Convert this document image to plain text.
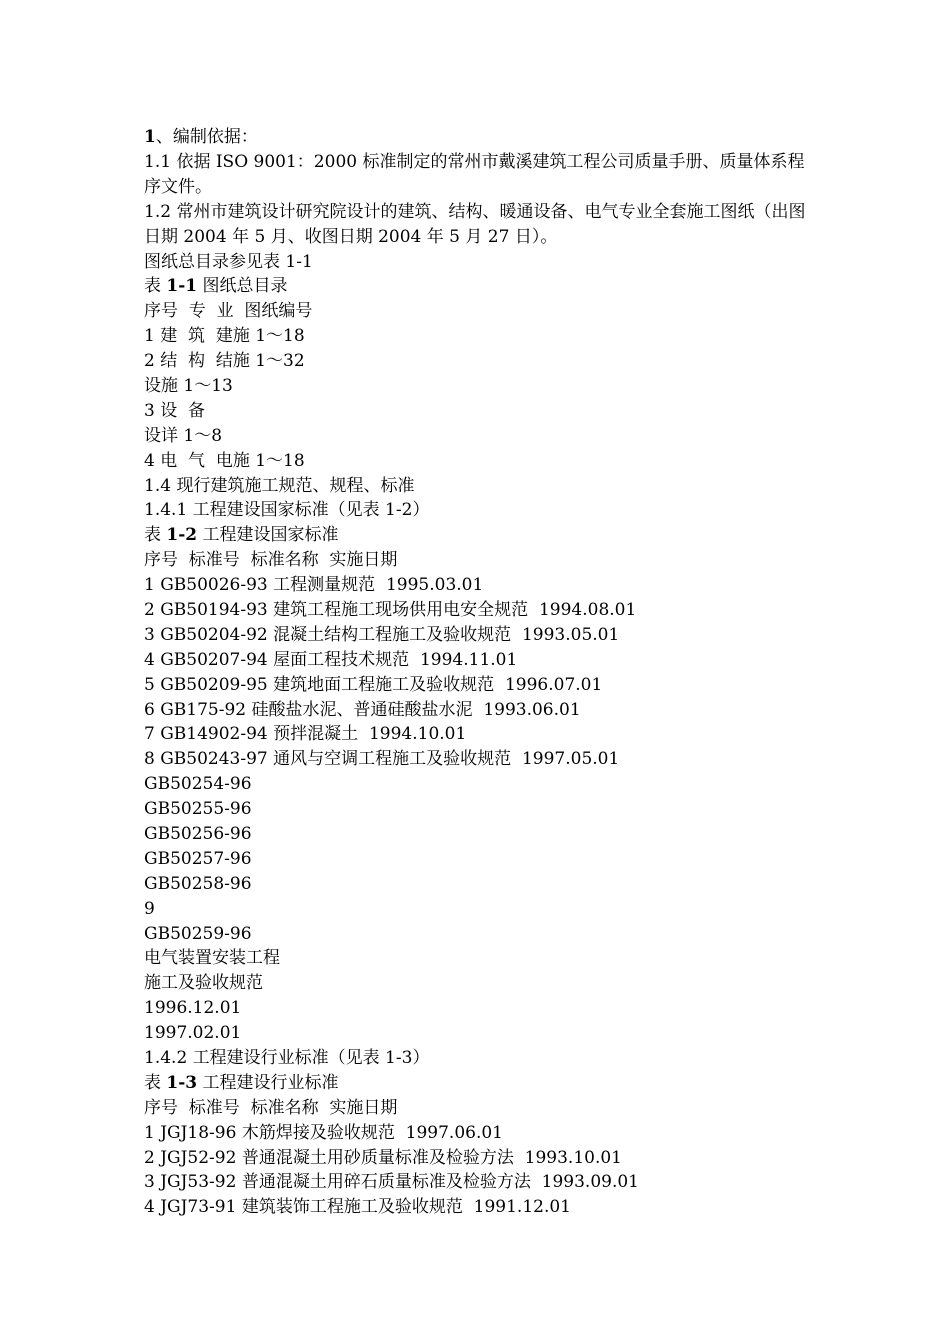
1、编制依据：
1.1 依据 ISO 9001：2000 标准制定的常州市戴溪建筑工程公司质量手册、质量体系程序文件。
1.2 常州市建筑设计研究院设计的建筑、结构、暖通设备、电气专业全套施工图纸（出图日期 2004 年 5 月、收图日期 2004 年 5 月 27 日）。
图纸总目录参见表 1-1
表 1-1 图纸总目录
序号  专  业  图纸编号
1 建  筑  建施 1～18
2 结  构  结施 1～32
设施 1～13
3 设  备
设详 1～8
4 电  气  电施 1～18
1.4 现行建筑施工规范、规程、标准
1.4.1 工程建设国家标准（见表 1-2）
表 1-2 工程建设国家标准
序号  标准号  标准名称  实施日期
1 GB50026-93 工程测量规范  1995.03.01
2 GB50194-93 建筑工程施工现场供用电安全规范  1994.08.01
3 GB50204-92 混凝土结构工程施工及验收规范  1993.05.01
4 GB50207-94 屋面工程技术规范  1994.11.01
5 GB50209-95 建筑地面工程施工及验收规范  1996.07.01
6 GB175-92 硅酸盐水泥、普通硅酸盐水泥  1993.06.01
7 GB14902-94 预拌混凝土  1994.10.01
8 GB50243-97 通风与空调工程施工及验收规范  1997.05.01
GB50254-96
GB50255-96
GB50256-96
GB50257-96
GB50258-96
9
GB50259-96
电气装置安装工程
施工及验收规范
1996.12.01
1997.02.01
1.4.2 工程建设行业标准（见表 1-3）
表 1-3 工程建设行业标准
序号  标准号  标准名称  实施日期
1 JGJ18-96 木筋焊接及验收规范  1997.06.01
2 JGJ52-92 普通混凝土用砂质量标准及检验方法  1993.10.01
3 JGJ53-92 普通混凝土用碎石质量标准及检验方法  1993.09.01
4 JGJ73-91 建筑装饰工程施工及验收规范  1991.12.01
